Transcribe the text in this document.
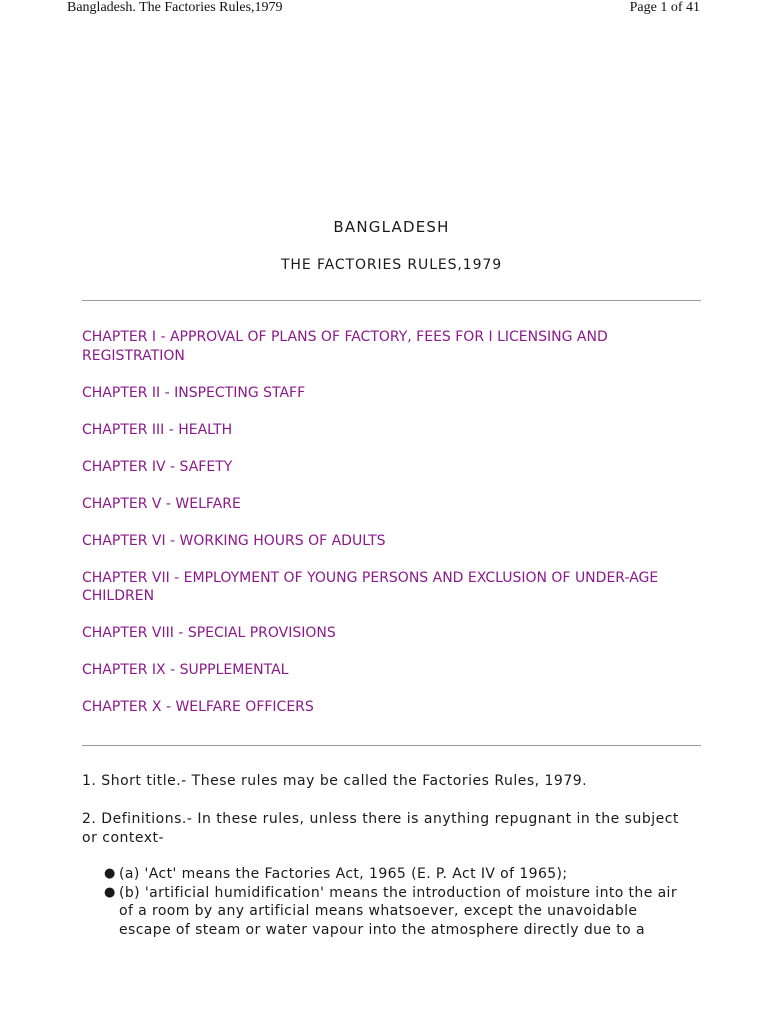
Bangladesh. The Factories Rules,1979	Page 1 of 41
BANGLADESH
THE FACTORIES RULES,1979
CHAPTER I - APPROVAL OF PLANS OF FACTORY, FEES FOR I LICENSING AND REGISTRATION
CHAPTER II - INSPECTING STAFF
CHAPTER III - HEALTH
CHAPTER IV - SAFETY
CHAPTER V - WELFARE
CHAPTER VI - WORKING HOURS OF ADULTS
CHAPTER VII - EMPLOYMENT OF YOUNG PERSONS AND EXCLUSION OF UNDER-AGE CHILDREN
CHAPTER VIII - SPECIAL PROVISIONS
CHAPTER IX - SUPPLEMENTAL
CHAPTER X - WELFARE OFFICERS

1. Short title.- These rules may be called the Factories Rules, 1979.

2. Definitions.- In these rules, unless there is anything repugnant in the subject or context-

● (a) 'Act' means the Factories Act, 1965 (E. P. Act IV of 1965);
● (b) 'artificial humidification' means the introduction of moisture into the air of a room by any artificial means whatsoever, except the unavoidable escape of steam or water vapour into the atmosphere directly due to a
